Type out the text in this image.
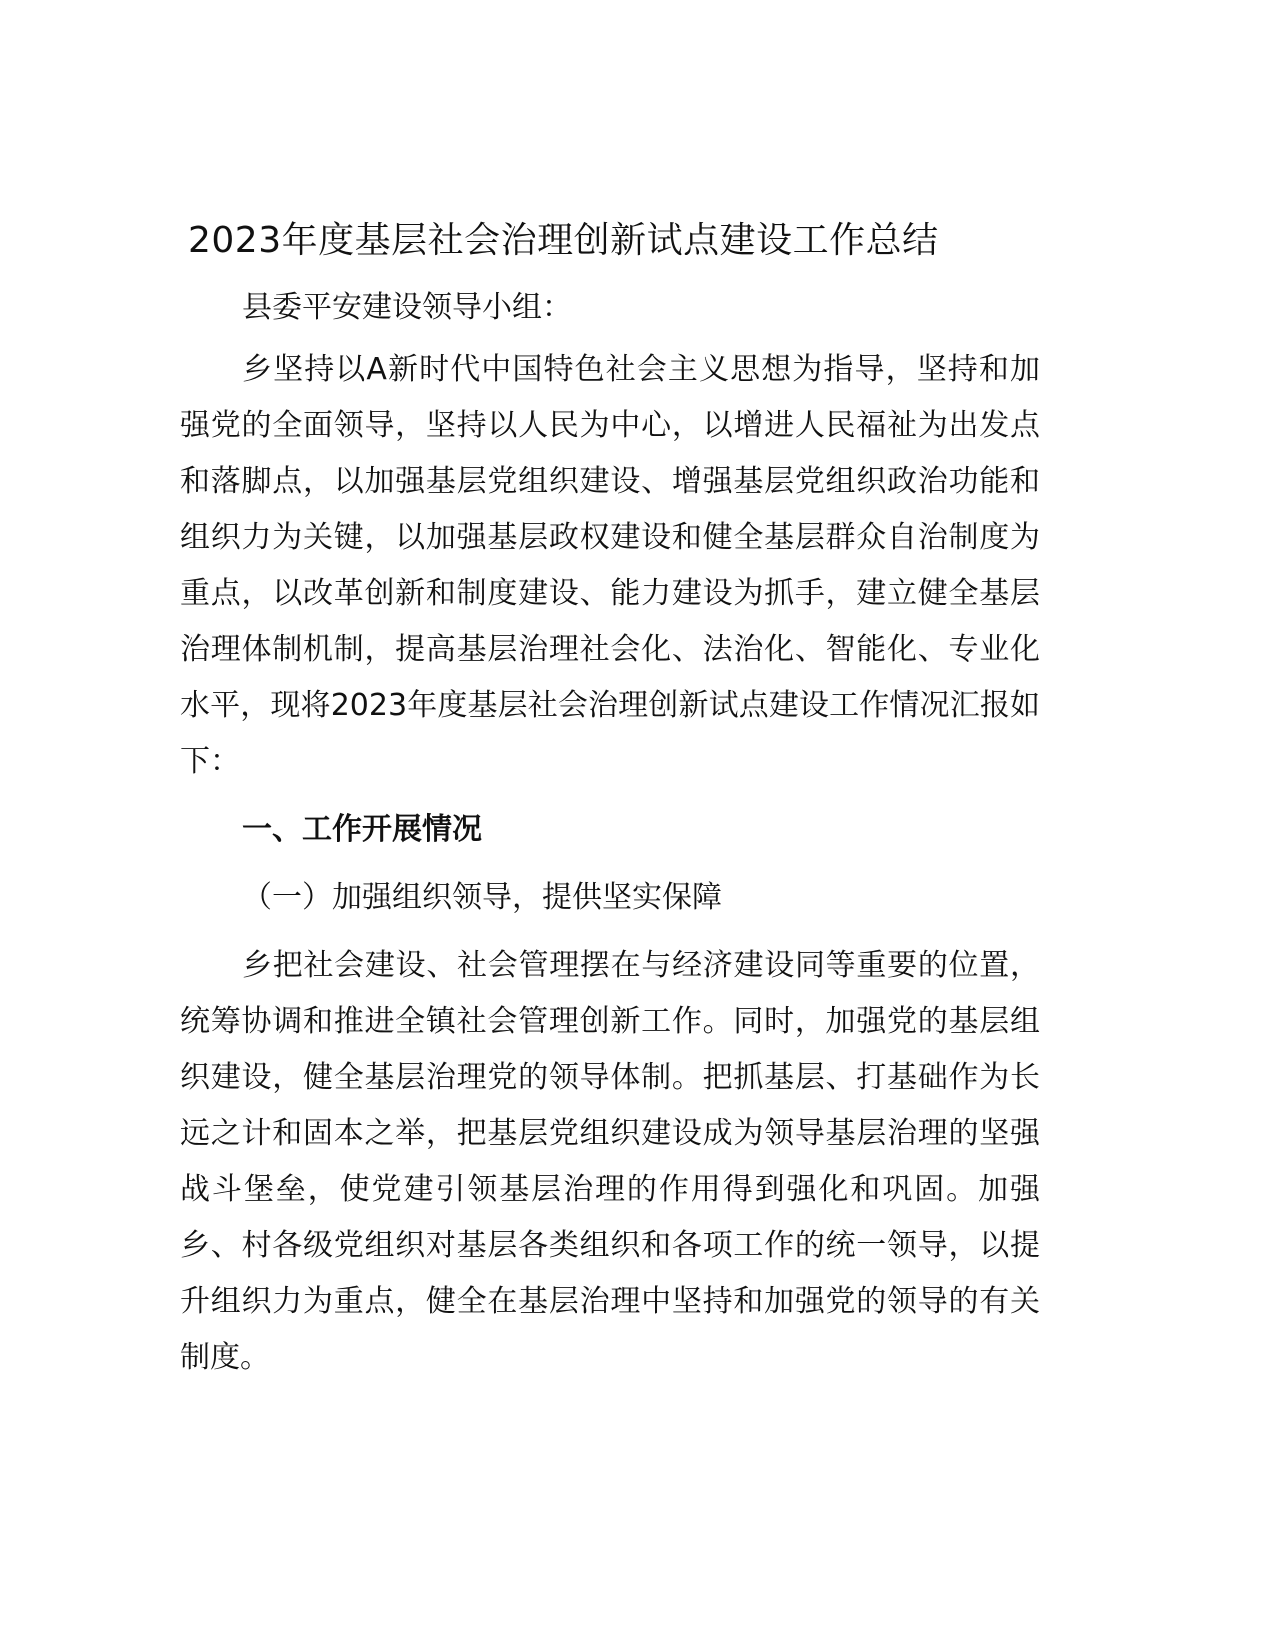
2023年度基层社会治理创新试点建设工作总结

县委平安建设领导小组：

乡坚持以A新时代中国特色社会主义思想为指导，坚持和加强党的全面领导，坚持以人民为中心，以增进人民福祉为出发点和落脚点，以加强基层党组织建设、增强基层党组织政治功能和组织力为关键，以加强基层政权建设和健全基层群众自治制度为重点，以改革创新和制度建设、能力建设为抓手，建立健全基层治理体制机制，提高基层治理社会化、法治化、智能化、专业化水平，现将2023年度基层社会治理创新试点建设工作情况汇报如下：

一、工作开展情况

（一）加强组织领导，提供坚实保障

乡把社会建设、社会管理摆在与经济建设同等重要的位置，统筹协调和推进全镇社会管理创新工作。同时，加强党的基层组织建设，健全基层治理党的领导体制。把抓基层、打基础作为长远之计和固本之举，把基层党组织建设成为领导基层治理的坚强战斗堡垒，使党建引领基层治理的作用得到强化和巩固。加强乡、村各级党组织对基层各类组织和各项工作的统一领导，以提升组织力为重点，健全在基层治理中坚持和加强党的领导的有关制度。
